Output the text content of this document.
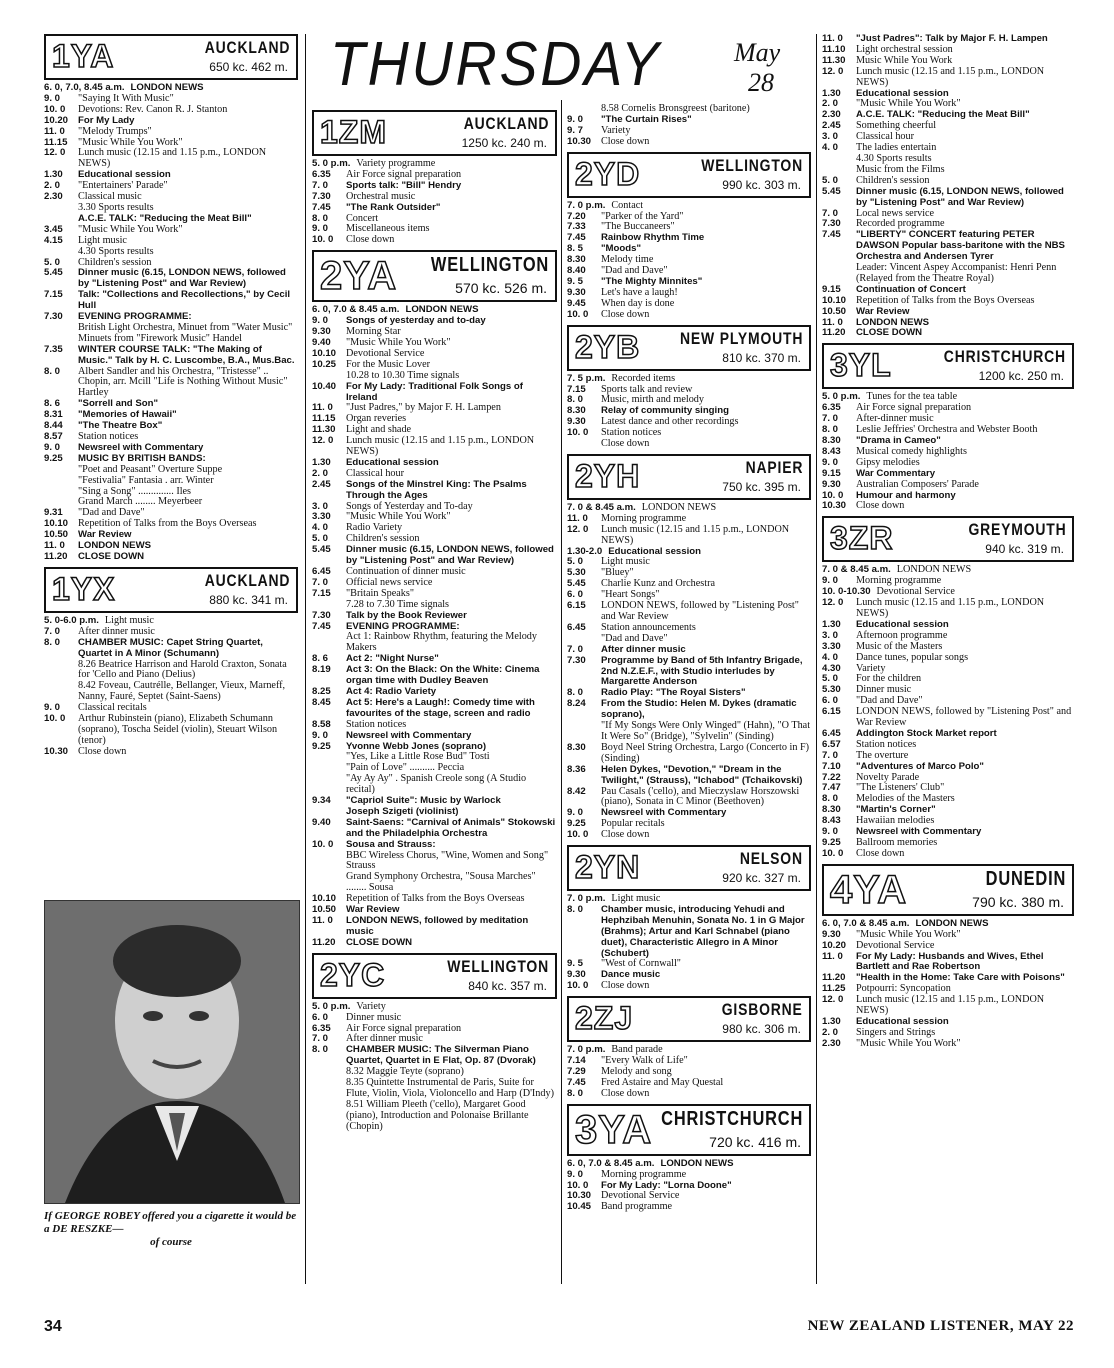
THURSDAY	May
28
1YA	AUCKLAND
650 kc. 462 m.
6. 0, 7.0, 8.45 a.m. LONDON NEWS
9. 0	"Saying It With Music"
10. 0	Devotions: Rev. Canon R. J. Stanton
10.20	For My Lady
11. 0	"Melody Trumps"
11.15	"Music While You Work"
12. 0	Lunch music (12.15 and 1.15 p.m., LONDON NEWS)
1.30	Educational session
2. 0	"Entertainers' Parade"
2.30	Classical music
3.30 Sports results
A.C.E. TALK: "Reducing the Meat Bill"
3.45	"Music While You Work"
4.15	Light music
4.30 Sports results
5. 0	Children's session
5.45	Dinner music (6.15, LONDON NEWS, followed by "Listening Post" and War Review)
7.15	Talk: "Collections and Recollections," by Cecil Hull
7.30	EVENING PROGRAMME:
British Light Orchestra, Minuet from "Water Music" Minuets from "Firework Music" Handel
7.35	WINTER COURSE TALK: "The Making of Music." Talk by H. C. Luscombe, B.A., Mus.Bac.
8. 0	Albert Sandler and his Orchestra, "Tristesse" .. Chopin, arr. Mcill "Life is Nothing Without Music" Hartley
8. 6	"Sorrell and Son"
8.31	"Memories of Hawaii"
8.44	"The Theatre Box"
8.57	Station notices
9. 0	Newsreel with Commentary
9.25	MUSIC BY BRITISH BANDS:
"Poet and Peasant" Overture Suppe
"Festivalia" Fantasia . arr. Winter
"Sing a Song" .............. Iles
Grand March ........ Meyerbeer
9.31	"Dad and Dave"
10.10 Repetition of Talks from the Boys Overseas
10.50	War Review
11. 0	LONDON NEWS
11.20	CLOSE DOWN
1YX	AUCKLAND
880 kc. 341 m.
5. 0-6.0 p.m. Light music
7. 0	After dinner music
8. 0	CHAMBER MUSIC: Capet String Quartet, Quartet in A Minor (Schumann)
8.26 Beatrice Harrison and Harold Craxton, Sonata for 'Cello and Piano (Delius)
8.42 Foveau, Cautrélle, Bellanger, Vieux, Marneff, Nanny, Fauré, Septet (Saint-Saens)
9. 0	Classical recitals
10. 0	Arthur Rubinstein (piano), Elizabeth Schumann (soprano), Toscha Seidel (violin), Steuart Wilson (tenor)
10.30 Close down
1ZM	AUCKLAND
1250 kc. 240 m.
5. 0 p.m. Variety programme
6.35	Air Force signal preparation
7. 0	Sports talk: "Bill" Hendry
7.30	Orchestral music
7.45	"The Rank Outsider"
8. 0	Concert
9. 0	Miscellaneous items
10. 0	Close down
2YA WELLINGTON
570 kc. 526 m.
6. 0, 7.0 & 8.45 a.m. LONDON NEWS
9. 0	Songs of yesterday and to-day
9.30	Morning Star
9.40	"Music While You Work"
10.10 Devotional Service
10.25 For the Music Lover
10.28 to 10.30 Time signals
10.40	For My Lady: Traditional Folk Songs of Ireland
11. 0	"Just Padres," by Major F. H. Lampen
11.15	Organ reveries
11.30	Light and shade
12. 0	Lunch music (12.15 and 1.15 p.m., LONDON NEWS)
1.30	Educational session
2. 0	Classical hour
2.45	Songs of the Minstrel King: The Psalms Through the Ages
3. 0	Songs of Yesterday and To-day
3.30	"Music While You Work"
4. 0	Radio Variety
5. 0	Children's session
5.45	Dinner music (6.15, LONDON NEWS, followed by "Listening Post" and War Review)
6.45	Continuation of dinner music
7. 0	Official news service
7.15	"Britain Speaks"
7.28 to 7.30 Time signals
7.30	Talk by the Book Reviewer
7.45	EVENING PROGRAMME:
Act 1: Rainbow Rhythm, featuring the Melody Makers
8. 6	Act 2: "Night Nurse"
8.19	Act 3: On the Black: On the White: Cinema organ time with Dudley Beaven
8.25	Act 4: Radio Variety
8.45	Act 5: Here's a Laugh!: Comedy time with favourites of the stage, screen and radio
8.58	Station notices
9. 0	Newsreel with Commentary
9.25	Yvonne Webb Jones (soprano)
"Yes, Like a Little Rose Bud" Tosti
"Pain of Love" .......... Peccia
"Ay Ay Ay" . Spanish Creole song (A Studio recital)
9.34	"Capriol Suite": Music by Warlock
Joseph Szigeti (violinist)
9.40	Saint-Saens: "Carnival of Animals" Stokowski and the Philadelphia Orchestra
10. 0	Sousa and Strauss:
BBC Wireless Chorus, "Wine, Women and Song" Strauss
Grand Symphony Orchestra, "Sousa Marches" ........ Sousa
10.10 Repetition of Talks from the Boys Overseas
10.50	War Review
11. 0	LONDON NEWS, followed by meditation music
11.20	CLOSE DOWN
2YC	WELLINGTON
840 kc. 357 m.
5. 0 p.m. Variety
6. 0	Dinner music
6.35	Air Force signal preparation
7. 0	After dinner music
8. 0	CHAMBER MUSIC: The Silverman Piano Quartet, Quartet in E Flat, Op. 87 (Dvorak)
8.32 Maggie Teyte (soprano)
8.35 Quintette Instrumental de Paris, Suite for Flute, Violin, Viola, Violoncello and Harp (D'Indy)
8.51 William Pleeth ('cello), Margaret Good (piano), Introduction and Polonaise Brillante (Chopin)
8.58 Cornelis Bronsgreest (baritone)
9. 0	"The Curtain Rises"
9. 7	Variety
10.30 Close down
2YD	WELLINGTON
990 kc. 303 m.
7. 0 p.m. Contact
7.20	"Parker of the Yard"
7.33	"The Buccaneers"
7.45	Rainbow Rhythm Time
8. 5	"Moods"
8.30	Melody time
8.40	"Dad and Dave"
9. 5	"The Mighty Minnites"
9.30	Let's have a laugh!
9.45	When day is done
10. 0	Close down
2YB NEW PLYMOUTH
810 kc. 370 m.
7. 5 p.m. Recorded items
7.15	Sports talk and review
8. 0	Music, mirth and melody
8.30	Relay of community singing
9.30	Latest dance and other recordings
10. 0	Station notices
Close down
2YH	NAPIER
750 kc. 395 m.
7. 0 & 8.45 a.m. LONDON NEWS
11. 0	Morning programme
12. 0	Lunch music (12.15 and 1.15 p.m., LONDON NEWS)
1.30-2.0 Educational session
5. 0	Light music
5.30	"Bluey"
5.45	Charlie Kunz and Orchestra
6. 0	"Heart Songs"
6.15	LONDON NEWS, followed by "Listening Post" and War Review
6.45	Station announcements
"Dad and Dave"
7. 0	After dinner music
7.30	Programme by Band of 5th Infantry Brigade, 2nd N.Z.E.F., with Studio interludes by Margarette Anderson
8. 0	Radio Play: "The Royal Sisters"
8.24	From the Studio: Helen M. Dykes (dramatic soprano),
"If My Songs Were Only Winged" (Hahn), "O That It Were So" (Bridge), "Sylvelin" (Sinding)
8.30	Boyd Neel String Orchestra, Largo (Concerto in F) (Sinding)
8.36	Helen Dykes, "Devotion," "Dream in the Twilight," (Strauss), "Ichabod" (Tchaikovski)
8.42	Pau Casals ('cello), and Mieczyslaw Horszowski (piano), Sonata in C Minor (Beethoven)
9. 0	Newsreel with Commentary
9.25	Popular recitals
10. 0	Close down
2YN	NELSON
920 kc. 327 m.
7. 0 p.m. Light music
8. 0	Chamber music, introducing Yehudi and Hephzibah Menuhin, Sonata No. 1 in G Major (Brahms); Artur and Karl Schnabel (piano duet), Characteristic Allegro in A Minor (Schubert)
9. 5	"West of Cornwall"
9.30	Dance music
10. 0	Close down
2ZJ	GISBORNE
980 kc. 306 m.
7. 0 p.m. Band parade
7.14	"Every Walk of Life"
7.29	Melody and song
7.45	Fred Astaire and May Questal
8. 0	Close down
3YA CHRISTCHURCH
720 kc. 416 m.
6. 0, 7.0 & 8.45 a.m. LONDON NEWS
9. 0	Morning programme
10. 0	For My Lady: "Lorna Doone"
10.30 Devotional Service
10.45 Band programme
11. 0	"Just Padres": Talk by Major F. H. Lampen
11.10	Light orchestral session
11.30	Music While You Work
12. 0	Lunch music (12.15 and 1.15 p.m., LONDON NEWS)
1.30	Educational session
2. 0	"Music While You Work"
2.30	A.C.E. TALK: "Reducing the Meat Bill"
2.45	Something cheerful
3. 0	Classical hour
4. 0	The ladies entertain
4.30 Sports results
Music from the Films
5. 0	Children's session
5.45	Dinner music (6.15, LONDON NEWS, followed by "Listening Post" and War Review)
7. 0	Local news service
7.30	Recorded programme
7.45	"LIBERTY" CONCERT featuring PETER DAWSON Popular bass-baritone with the NBS Orchestra and Andersen Tyrer
Leader: Vincent Aspey Accompanist: Henri Penn (Relayed from the Theatre Royal)
9.15	Continuation of Concert
10.10 Repetition of Talks from the Boys Overseas
10.50	War Review
11. 0	LONDON NEWS
11.20	CLOSE DOWN
3YL	CHRISTCHURCH
1200 kc. 250 m.
5. 0 p.m. Tunes for the tea table
6.35	Air Force signal preparation
7. 0	After-dinner music
8. 0	Leslie Jeffries' Orchestra and Webster Booth
8.30	"Drama in Cameo"
8.43	Musical comedy highlights
9. 0	Gipsy melodies
9.15	War Commentary
9.30	Australian Composers' Parade
10. 0	Humour and harmony
10.30 Close down
3ZR	GREYMOUTH
940 kc. 319 m.
7. 0 & 8.45 a.m. LONDON NEWS
9. 0	Morning programme
10. 0-10.30 Devotional Service
12. 0	Lunch music (12.15 and 1.15 p.m., LONDON NEWS)
1.30	Educational session
3. 0	Afternoon programme
3.30	Music of the Masters
4. 0	Dance tunes, popular songs
4.30	Variety
5. 0	For the children
5.30	Dinner music
6. 0	"Dad and Dave"
6.15	LONDON NEWS, followed by "Listening Post" and War Review
6.45	Addington Stock Market report
6.57	Station notices
7. 0	The overture
7.10	"Adventures of Marco Polo"
7.22	Novelty Parade
7.47	"The Listeners' Club"
8. 0	Melodies of the Masters
8.30	"Martin's Corner"
8.43	Hawaiian melodies
9. 0	Newsreel with Commentary
9.25	Ballroom memories
10. 0	Close down
4YA	DUNEDIN
790 kc. 380 m.
6. 0, 7.0 & 8.45 a.m. LONDON NEWS
9.30	"Music While You Work"
10.20 Devotional Service
11. 0	For My Lady: Husbands and Wives, Ethel Bartlett and Rae Robertson
11.20	"Health in the Home: Take Care with Poisons"
11.25	Potpourri: Syncopation
12. 0	Lunch music (12.15 and 1.15 p.m., LONDON NEWS)
1.30	Educational session
2. 0	Singers and Strings
2.30	"Music While You Work"
If GEORGE ROBEY offered you a cigarette it would be a DE RESZKE—
of course
34	NEW ZEALAND LISTENER, MAY 22
